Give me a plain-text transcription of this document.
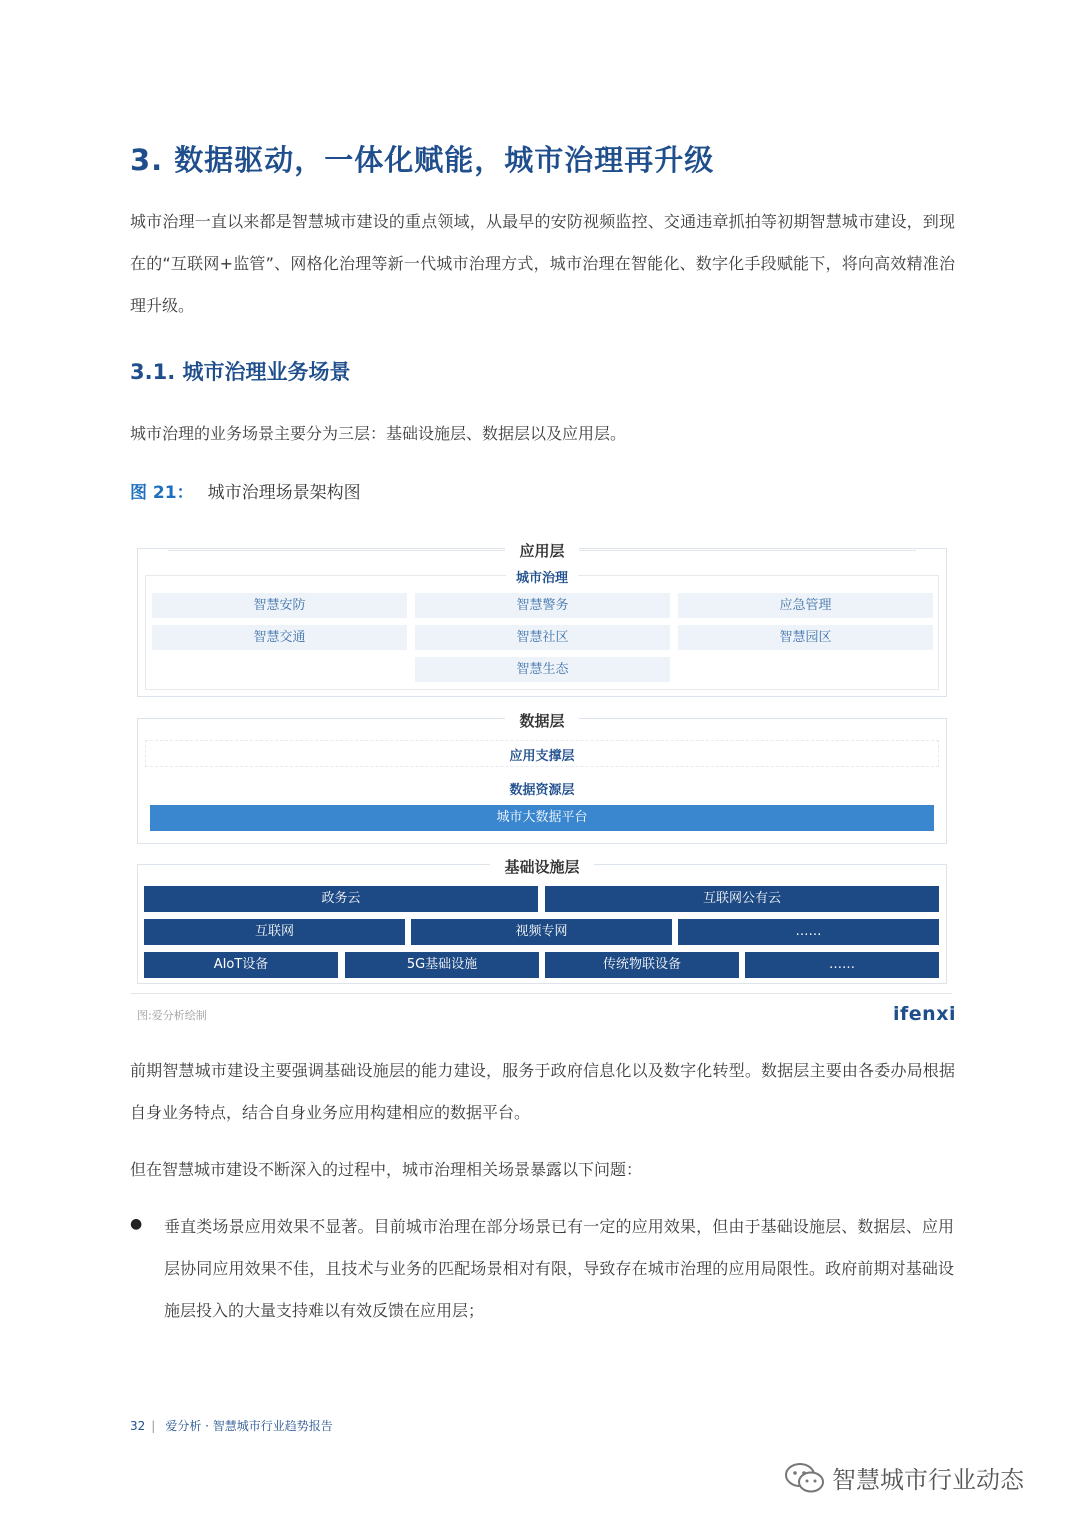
3. 数据驱动，一体化赋能，城市治理再升级
城市治理一直以来都是智慧城市建设的重点领域，从最早的安防视频监控、交通违章抓拍等初期智慧城市建设，到现在的“互联网+监管”、网格化治理等新一代城市治理方式，城市治理在智能化、数字化手段赋能下，将向高效精准治理升级。
3.1. 城市治理业务场景
城市治理的业务场景主要分为三层：基础设施层、数据层以及应用层。
图 21： 城市治理场景架构图
应用层
城市治理
智慧安防	智慧警务	应急管理
智慧交通	智慧社区	智慧园区
智慧生态
数据层
应用支撑层
数据资源层
城市大数据平台
基础设施层
政务云	互联网公有云
互联网	视频专网	……
AIoT设备	5G基础设施	传统物联设备	……
图:爱分析绘制	ifenxi
前期智慧城市建设主要强调基础设施层的能力建设，服务于政府信息化以及数字化转型。数据层主要由各委办局根据自身业务特点，结合自身业务应用构建相应的数据平台。
但在智慧城市建设不断深入的过程中，城市治理相关场景暴露以下问题：
● 垂直类场景应用效果不显著。目前城市治理在部分场景已有一定的应用效果，但由于基础设施层、数据层、应用层协同应用效果不佳，且技术与业务的匹配场景相对有限，导致存在城市治理的应用局限性。政府前期对基础设施层投入的大量支持难以有效反馈在应用层；
32 | 爱分析 · 智慧城市行业趋势报告
智慧城市行业动态
